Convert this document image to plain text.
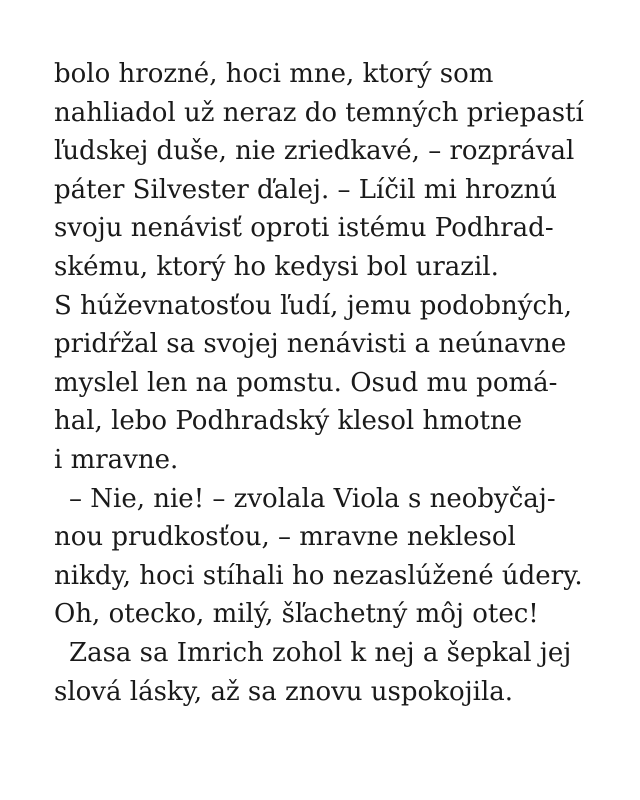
bolo hrozné, hoci mne, ktorý som
nahliadol už neraz do temných priepastí
ľudskej duše, nie zriedkavé, – rozprával
páter Silvester ďalej. – Líčil mi hroznú
svoju nenávisť oproti istému Podhrad-
skému, ktorý ho kedysi bol urazil.
S húževnatosťou ľudí, jemu podobných,
pridŕžal sa svojej nenávisti a neúnavne
myslel len na pomstu. Osud mu pomá-
hal, lebo Podhradský klesol hmotne
i mravne.
– Nie, nie! – zvolala Viola s neobyčaj-
nou prudkosťou, – mravne neklesol
nikdy, hoci stíhali ho nezaslúžené údery.
Oh, otecko, milý, šľachetný môj otec!
Zasa sa Imrich zohol k nej a šepkal jej
slová lásky, až sa znovu uspokojila.
